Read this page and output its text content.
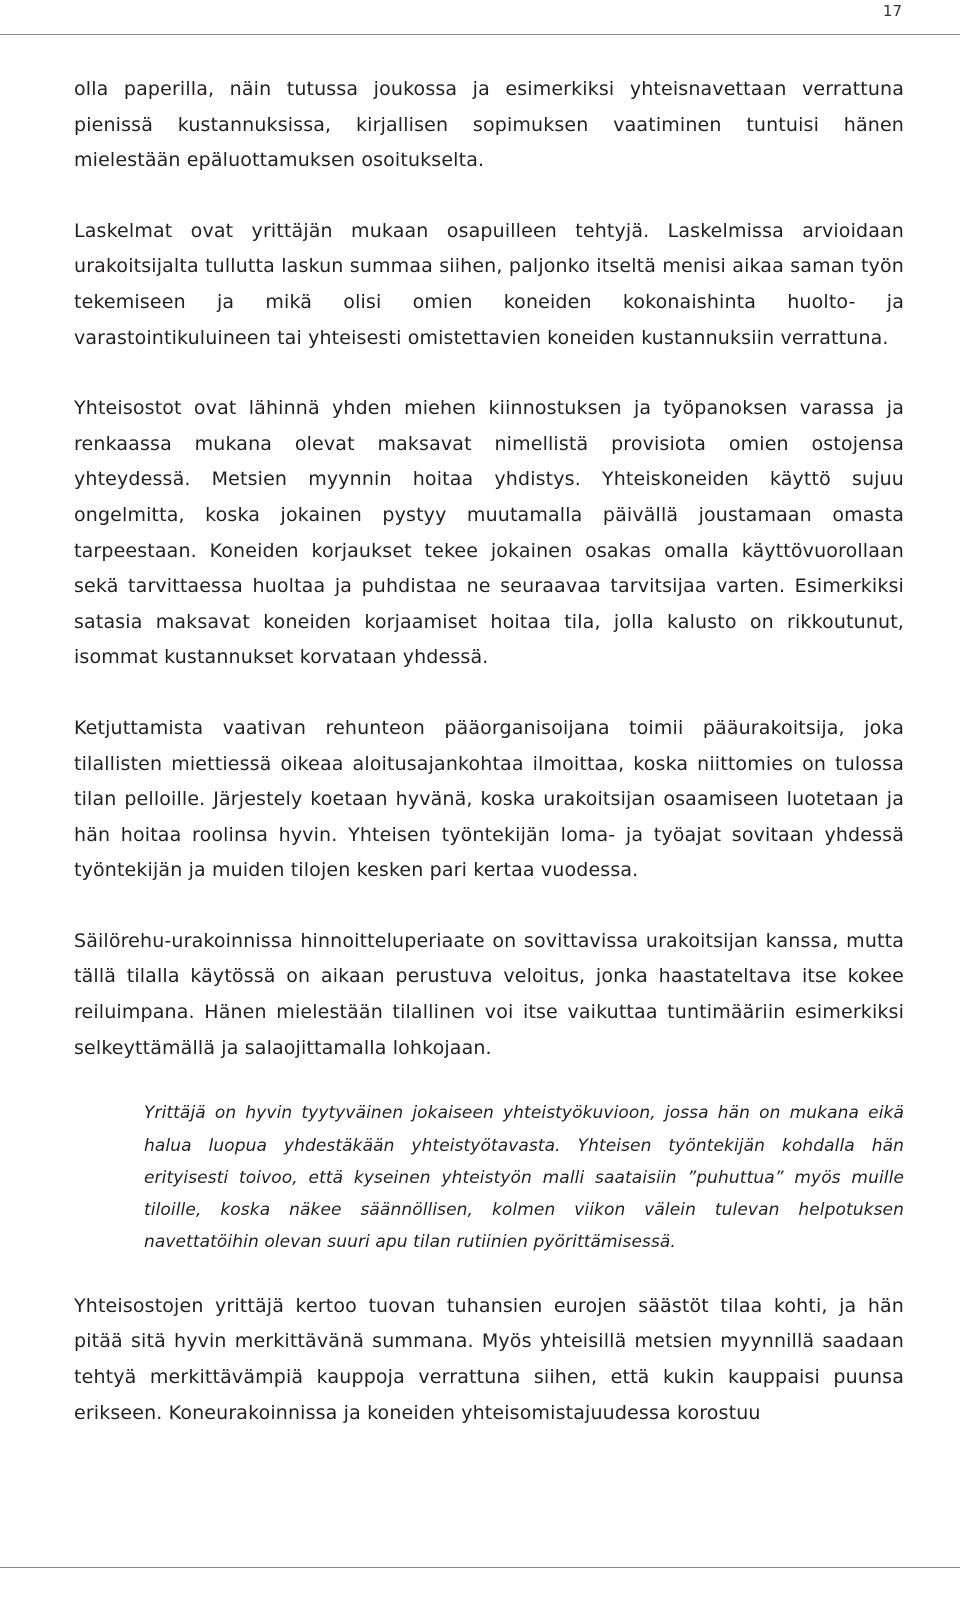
17

olla paperilla, näin tutussa joukossa ja esimerkiksi yhteisnavettaan verrattuna pienissä kustannuksissa, kirjallisen sopimuksen vaatiminen tuntuisi hänen mielestään epäluottamuksen osoitukselta.

Laskelmat ovat yrittäjän mukaan osapuilleen tehtyjä. Laskelmissa arvioidaan urakoitsijalta tullutta laskun summaa siihen, paljonko itseltä menisi aikaa saman työn tekemiseen ja mikä olisi omien koneiden kokonaishinta huolto- ja varastointikuluineen tai yhteisesti omistettavien koneiden kustannuksiin verrattuna.

Yhteisostot ovat lähinnä yhden miehen kiinnostuksen ja työpanoksen varassa ja renkaassa mukana olevat maksavat nimellistä provisiota omien ostojensa yhteydessä. Metsien myynnin hoitaa yhdistys. Yhteiskoneiden käyttö sujuu ongelmitta, koska jokainen pystyy muutamalla päivällä joustamaan omasta tarpeestaan. Koneiden korjaukset tekee jokainen osakas omalla käyttövuorollaan sekä tarvittaessa huoltaa ja puhdistaa ne seuraavaa tarvitsijaa varten. Esimerkiksi satasia maksavat koneiden korjaamiset hoitaa tila, jolla kalusto on rikkoutunut, isommat kustannukset korvataan yhdessä.

Ketjuttamista vaativan rehunteon pääorganisoijana toimii pääurakoitsija, joka tilallisten miettiessä oikeaa aloitusajankohtaa ilmoittaa, koska niittomies on tulossa tilan pelloille. Järjestely koetaan hyvänä, koska urakoitsijan osaamiseen luotetaan ja hän hoitaa roolinsa hyvin. Yhteisen työntekijän loma- ja työajat sovitaan yhdessä työntekijän ja muiden tilojen kesken pari kertaa vuodessa.

Säilörehu-urakoinnissa hinnoitteluperiaate on sovittavissa urakoitsijan kanssa, mutta tällä tilalla käytössä on aikaan perustuva veloitus, jonka haastateltava itse kokee reiluimpana. Hänen mielestään tilallinen voi itse vaikuttaa tuntimääriin esimerkiksi selkeyttämällä ja salaojittamalla lohkojaan.

Yrittäjä on hyvin tyytyväinen jokaiseen yhteistyökuvioon, jossa hän on mukana eikä halua luopua yhdestäkään yhteistyötavasta. Yhteisen työntekijän kohdalla hän erityisesti toivoo, että kyseinen yhteistyön malli saataisiin ”puhuttua” myös muille tiloille, koska näkee säännöllisen, kolmen viikon välein tulevan helpotuksen navettatöihin olevan suuri apu tilan rutiinien pyörittämisessä.

Yhteisostojen yrittäjä kertoo tuovan tuhansien eurojen säästöt tilaa kohti, ja hän pitää sitä hyvin merkittävänä summana. Myös yhteisillä metsien myynnillä saadaan tehtyä merkittävämpiä kauppoja verrattuna siihen, että kukin kauppaisi puunsa erikseen. Koneurakoinnissa ja koneiden yhteisomistajuudessa korostuu
